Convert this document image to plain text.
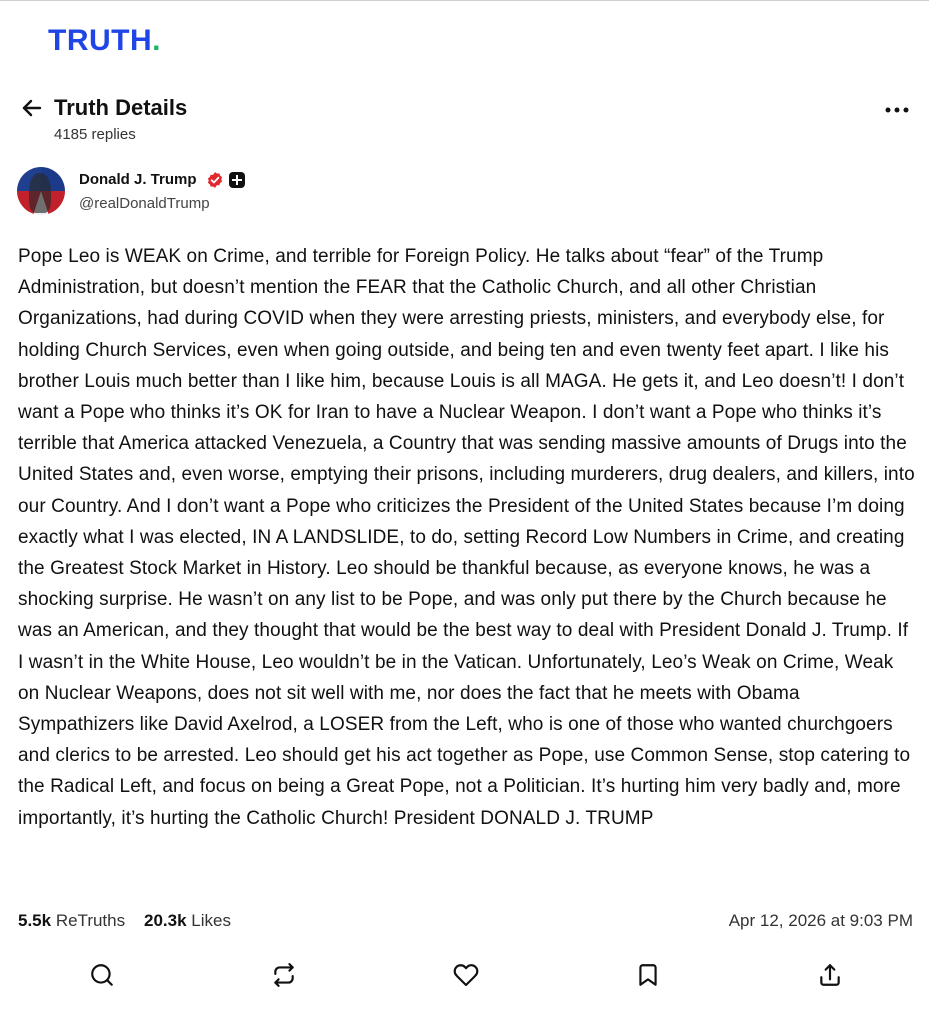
TRUTH.
Truth Details
4185 replies
Donald J. Trump
@realDonaldTrump

Pope Leo is WEAK on Crime, and terrible for Foreign Policy. He talks about “fear” of the Trump Administration, but doesn’t mention the FEAR that the Catholic Church, and all other Christian Organizations, had during COVID when they were arresting priests, ministers, and everybody else, for holding Church Services, even when going outside, and being ten and even twenty feet apart. I like his brother Louis much better than I like him, because Louis is all MAGA. He gets it, and Leo doesn’t! I don’t want a Pope who thinks it’s OK for Iran to have a Nuclear Weapon. I don’t want a Pope who thinks it’s terrible that America attacked Venezuela, a Country that was sending massive amounts of Drugs into the United States and, even worse, emptying their prisons, including murderers, drug dealers, and killers, into our Country. And I don’t want a Pope who criticizes the President of the United States because I’m doing exactly what I was elected, IN A LANDSLIDE, to do, setting Record Low Numbers in Crime, and creating the Greatest Stock Market in History. Leo should be thankful because, as everyone knows, he was a shocking surprise. He wasn’t on any list to be Pope, and was only put there by the Church because he was an American, and they thought that would be the best way to deal with President Donald J. Trump. If I wasn’t in the White House, Leo wouldn’t be in the Vatican. Unfortunately, Leo’s Weak on Crime, Weak on Nuclear Weapons, does not sit well with me, nor does the fact that he meets with Obama Sympathizers like David Axelrod, a LOSER from the Left, who is one of those who wanted churchgoers and clerics to be arrested. Leo should get his act together as Pope, use Common Sense, stop catering to the Radical Left, and focus on being a Great Pope, not a Politician. It’s hurting him very badly and, more importantly, it’s hurting the Catholic Church! President DONALD J. TRUMP

5.5k ReTruths 20.3k Likes	Apr 12, 2026 at 9:03 PM
